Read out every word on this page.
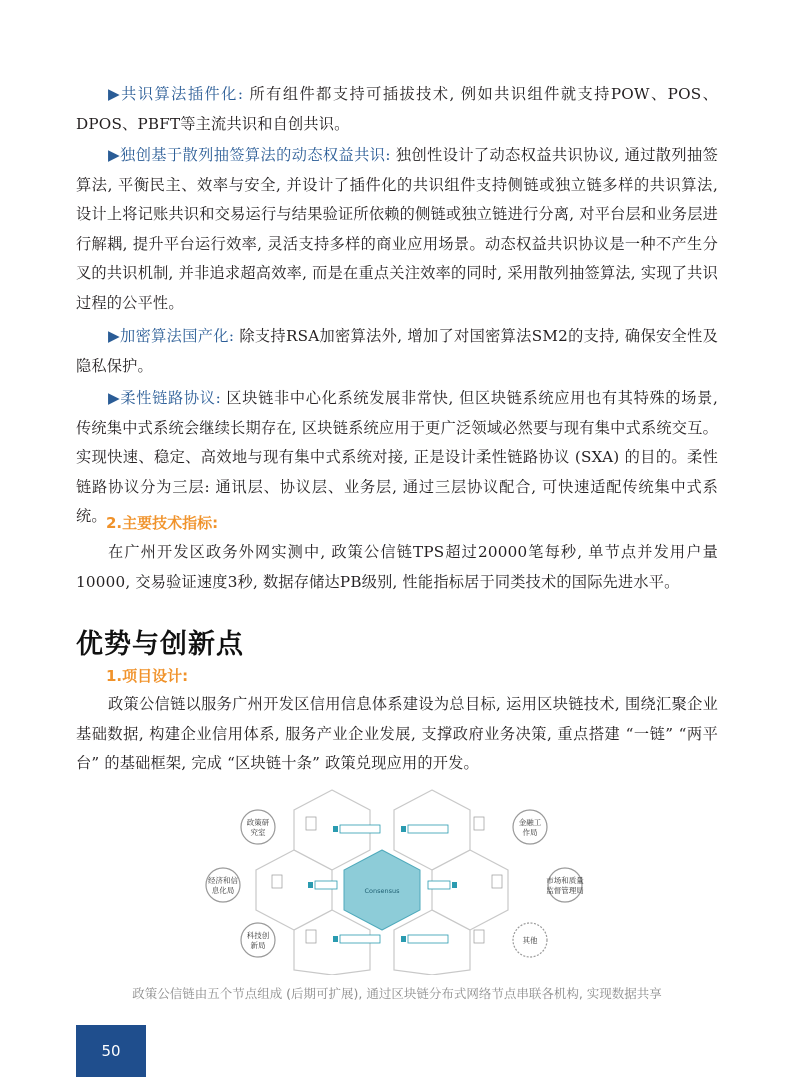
▶共识算法插件化: 所有组件都支持可插拔技术, 例如共识组件就支持POW、POS、DPOS、PBFT等主流共识和自创共识。

▶独创基于散列抽签算法的动态权益共识: 独创性设计了动态权益共识协议, 通过散列抽签算法, 平衡民主、效率与安全, 并设计了插件化的共识组件支持侧链或独立链多样的共识算法, 设计上将记账共识和交易运行与结果验证所依赖的侧链或独立链进行分离, 对平台层和业务层进行解耦, 提升平台运行效率, 灵活支持多样的商业应用场景。动态权益共识协议是一种不产生分叉的共识机制, 并非追求超高效率, 而是在重点关注效率的同时, 采用散列抽签算法, 实现了共识过程的公平性。

▶加密算法国产化: 除支持RSA加密算法外, 增加了对国密算法SM2的支持, 确保安全性及隐私保护。

▶柔性链路协议: 区块链非中心化系统发展非常快, 但区块链系统应用也有其特殊的场景, 传统集中式系统会继续长期存在, 区块链系统应用于更广泛领域必然要与现有集中式系统交互。实现快速、稳定、高效地与现有集中式系统对接, 正是设计柔性链路协议 (SXA) 的目的。柔性链路协议分为三层: 通讯层、协议层、业务层, 通过三层协议配合, 可快速适配传统集中式系统。 2.主要技术指标:

在广州开发区政务外网实测中, 政策公信链TPS超过20000笔每秒, 单节点并发用户量10000, 交易验证速度3秒, 数据存储达PB级别, 性能指标居于同类技术的国际先进水平。

优势与创新点
1.项目设计:

政策公信链以服务广州开发区信用信息体系建设为总目标, 运用区块链技术, 围绕汇聚企业基础数据, 构建企业信用体系, 服务产业企业发展, 支撑政府业务决策, 重点搭建 “一链” “两平台” 的基础框架, 完成 “区块链十条” 政策兑现应用的开发。

Consensus
政策研
究室
经济和信
息化局
科技创
新局
金融工
作局
市场和质量
监督管理局
其他
政策公信链由五个节点组成 (后期可扩展), 通过区块链分布式网络节点串联各机构, 实现数据共享
50
